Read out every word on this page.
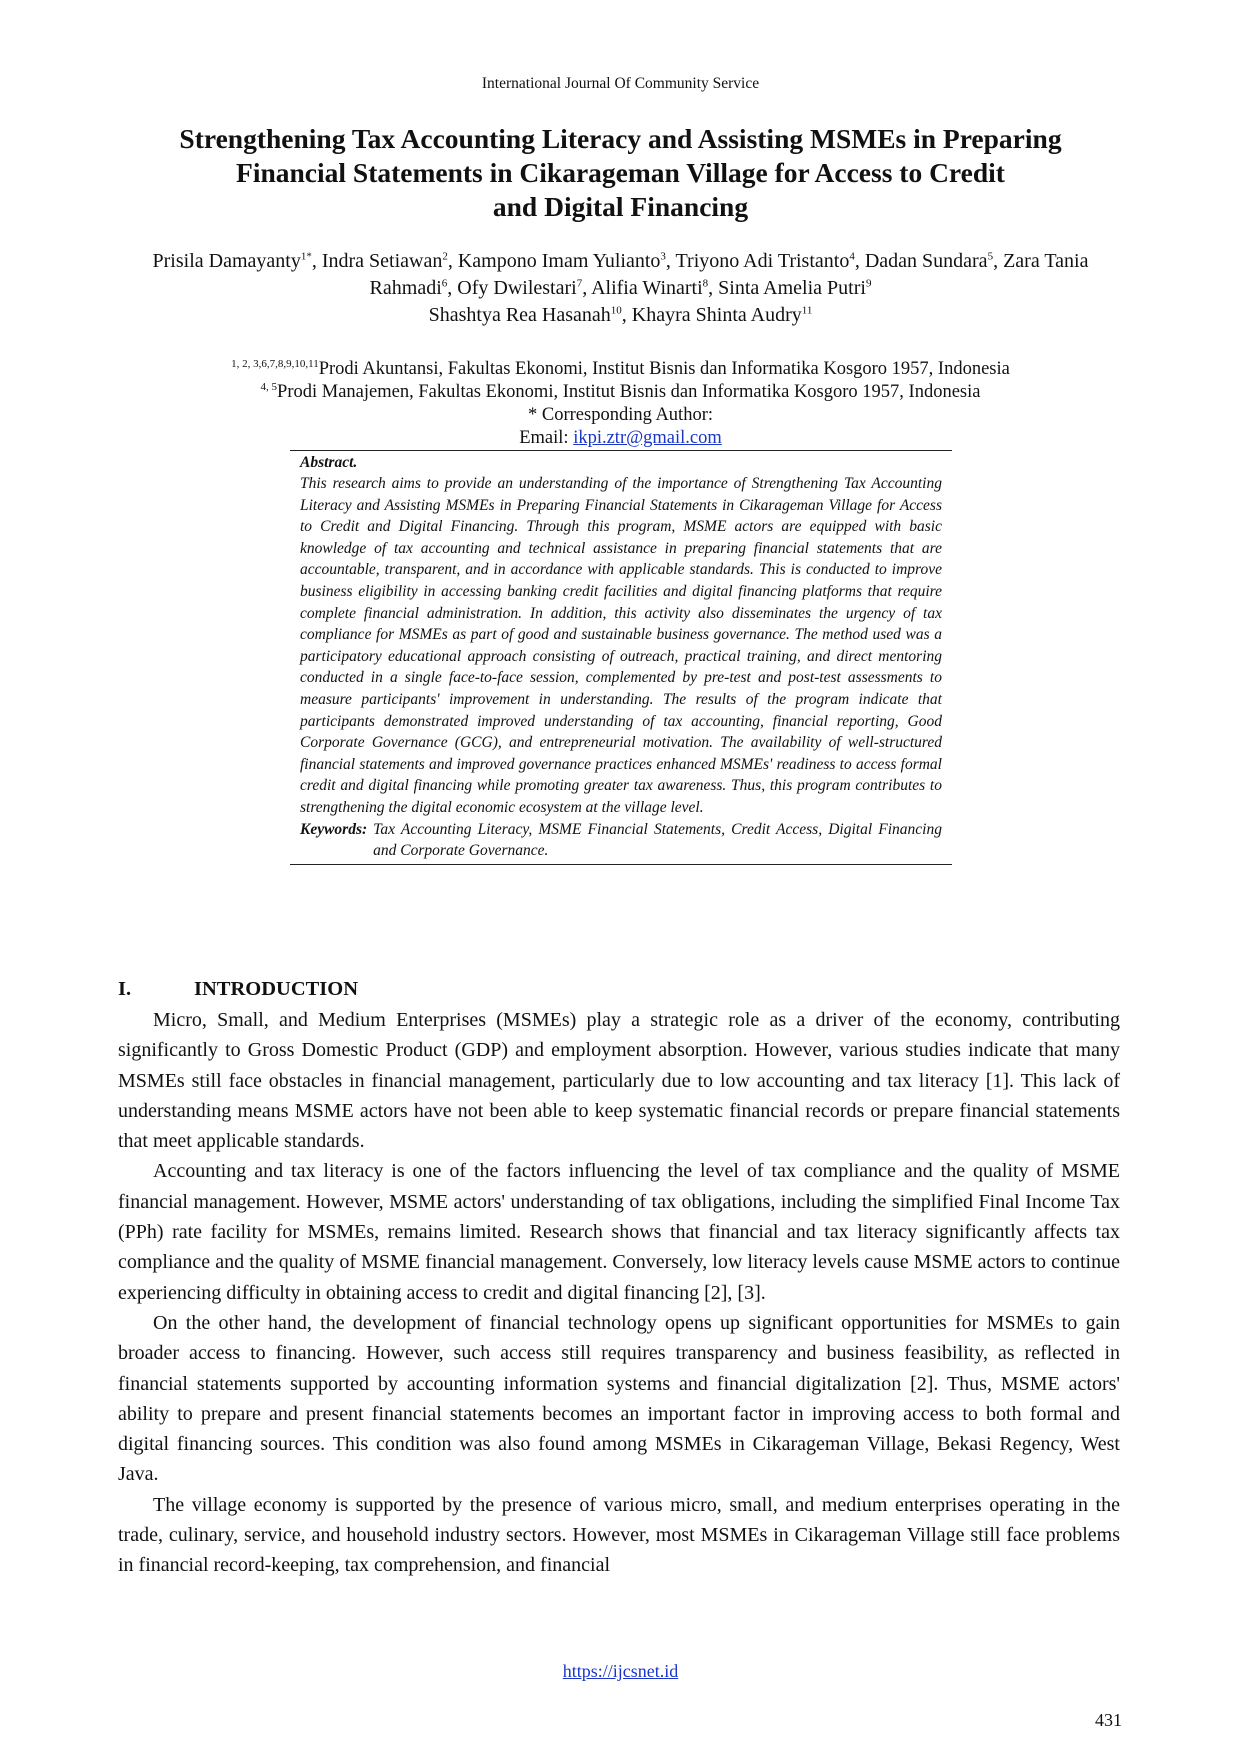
International Journal Of Community Service
Strengthening Tax Accounting Literacy and Assisting MSMEs in Preparing
Financial Statements in Cikarageman Village for Access to Credit
and Digital Financing
Prisila Damayanty$^{1*}$, Indra Setiawan$^2$, Kampono Imam Yulianto$^3$, Triyono Adi Tristanto$^4$, Dadan Sundara$^5$, Zara Tania Rahmadi$^6$, Ofy Dwilestari$^7$, Alifia Winarti$^8$, Sinta Amelia Putri$^9$
Shashtya Rea Hasanah$^{10}$, Khayra Shinta Audry$^{11}$
$^{1, 2, 3,6,7,8,9,10,11}$Prodi Akuntansi, Fakultas Ekonomi, Institut Bisnis dan Informatika Kosgoro 1957, Indonesia
$^{4, 5}$Prodi Manajemen, Fakultas Ekonomi, Institut Bisnis dan Informatika Kosgoro 1957, Indonesia
* Corresponding Author:
Email: ikpi.ztr@gmail.com
Abstract.

This research aims to provide an understanding of the importance of Strengthening Tax Accounting Literacy and Assisting MSMEs in Preparing Financial Statements in Cikarageman Village for Access to Credit and Digital Financing. Through this program, MSME actors are equipped with basic knowledge of tax accounting and technical assistance in preparing financial statements that are accountable, transparent, and in accordance with applicable standards. This is conducted to improve business eligibility in accessing banking credit facilities and digital financing platforms that require complete financial administration. In addition, this activity also disseminates the urgency of tax compliance for MSMEs as part of good and sustainable business governance. The method used was a participatory educational approach consisting of outreach, practical training, and direct mentoring conducted in a single face-to-face session, complemented by pre-test and post-test assessments to measure participants' improvement in understanding. The results of the program indicate that participants demonstrated improved understanding of tax accounting, financial reporting, Good Corporate Governance (GCG), and entrepreneurial motivation. The availability of well-structured financial statements and improved governance practices enhanced MSMEs' readiness to access formal credit and digital financing while promoting greater tax awareness. Thus, this program contributes to strengthening the digital economic ecosystem at the village level.

Keywords: Tax Accounting Literacy, MSME Financial Statements, Credit Access, Digital Financing and Corporate Governance.
I.	INTRODUCTION

Micro, Small, and Medium Enterprises (MSMEs) play a strategic role as a driver of the economy, contributing significantly to Gross Domestic Product (GDP) and employment absorption. However, various studies indicate that many MSMEs still face obstacles in financial management, particularly due to low accounting and tax literacy [1]. This lack of understanding means MSME actors have not been able to keep systematic financial records or prepare financial statements that meet applicable standards.

Accounting and tax literacy is one of the factors influencing the level of tax compliance and the quality of MSME financial management. However, MSME actors' understanding of tax obligations, including the simplified Final Income Tax (PPh) rate facility for MSMEs, remains limited. Research shows that financial and tax literacy significantly affects tax compliance and the quality of MSME financial management. Conversely, low literacy levels cause MSME actors to continue experiencing difficulty in obtaining access to credit and digital financing [2], [3].

On the other hand, the development of financial technology opens up significant opportunities for MSMEs to gain broader access to financing. However, such access still requires transparency and business feasibility, as reflected in financial statements supported by accounting information systems and financial digitalization [2]. Thus, MSME actors' ability to prepare and present financial statements becomes an important factor in improving access to both formal and digital financing sources. This condition was also found among MSMEs in Cikarageman Village, Bekasi Regency, West Java.

The village economy is supported by the presence of various micro, small, and medium enterprises operating in the trade, culinary, service, and household industry sectors. However, most MSMEs in Cikarageman Village still face problems in financial record-keeping, tax comprehension, and financial

https://ijcsnet.id
431
